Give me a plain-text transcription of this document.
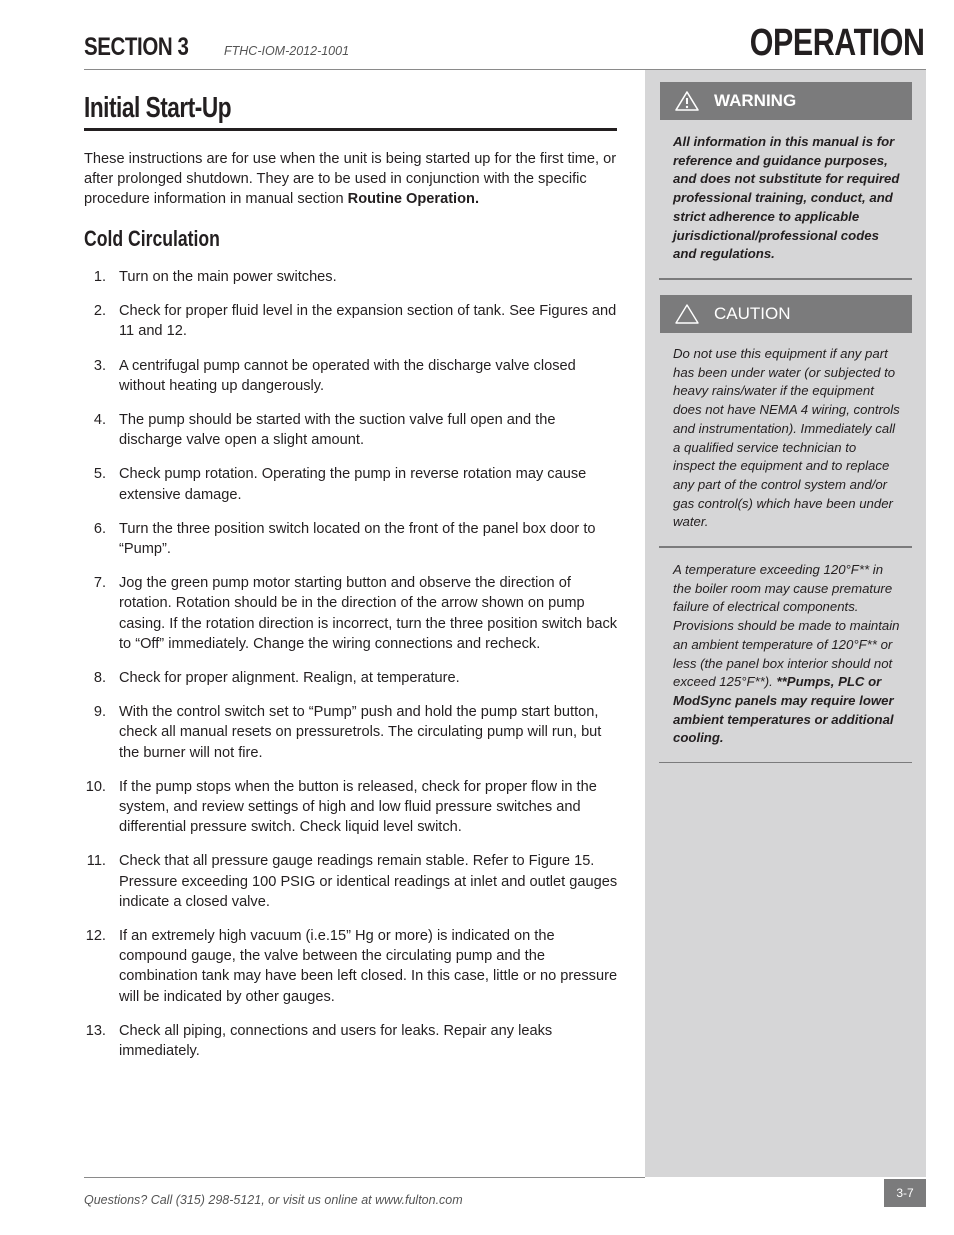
SECTION 3	FTHC-IOM-2012-1001	OPERATION
Initial Start-Up

These instructions are for use when the unit is being started up for the first time, or after prolonged shutdown. They are to be used in conjunction with the specific procedure information in manual section Routine Operation.

Cold Circulation
1. Turn on the main power switches.
2. Check for proper fluid level in the expansion section of tank. See Figures and 11 and 12.
3. A centrifugal pump cannot be operated with the discharge valve closed without heating up dangerously.
4. The pump should be started with the suction valve full open and the discharge valve open a slight amount.
5. Check pump rotation. Operating the pump in reverse rotation may cause extensive damage.
6. Turn the three position switch located on the front of the panel box door to “Pump”.
7. Jog the green pump motor starting button and observe the direction of rotation. Rotation should be in the direction of the arrow shown on pump casing. If the rotation direction is incorrect, turn the three position switch back to “Off” immediately. Change the wiring connections and recheck.
8. Check for proper alignment. Realign, at temperature.
9. With the control switch set to “Pump” push and hold the pump start button, check all manual resets on pressuretrols. The circulating pump will run, but the burner will not fire.
10. If the pump stops when the button is released, check for proper flow in the system, and review settings of high and low fluid pressure switches and differential pressure switch. Check liquid level switch.
11. Check that all pressure gauge readings remain stable. Refer to Figure 15. Pressure exceeding 100 PSIG or identical readings at inlet and outlet gauges indicate a closed valve.
12. If an extremely high vacuum (i.e.15” Hg or more) is indicated on the compound gauge, the valve between the circulating pump and the combination tank may have been left closed. In this case, little or no pressure will be indicated by other gauges.
13. Check all piping, connections and users for leaks. Repair any leaks immediately.
WARNING
All information in this manual is for reference and guidance purposes, and does not substitute for required professional training, conduct, and strict adherence to applicable jurisdictional/professional codes and regulations.
CAUTION
Do not use this equipment if any part has been under water (or subjected to heavy rains/water if the equipment does not have NEMA 4 wiring, controls and instrumentation). Immediately call a qualified service technician to inspect the equipment and to replace any part of the control system and/or gas control(s) which have been under water.
A temperature exceeding 120°F** in the boiler room may cause premature failure of electrical components. Provisions should be made to maintain an ambient temperature of 120°F** or less (the panel box interior should not exceed 125°F**). **Pumps, PLC or ModSync panels may require lower ambient temperatures or additional cooling.
Questions? Call (315) 298-5121, or visit us online at www.fulton.com	3-7
